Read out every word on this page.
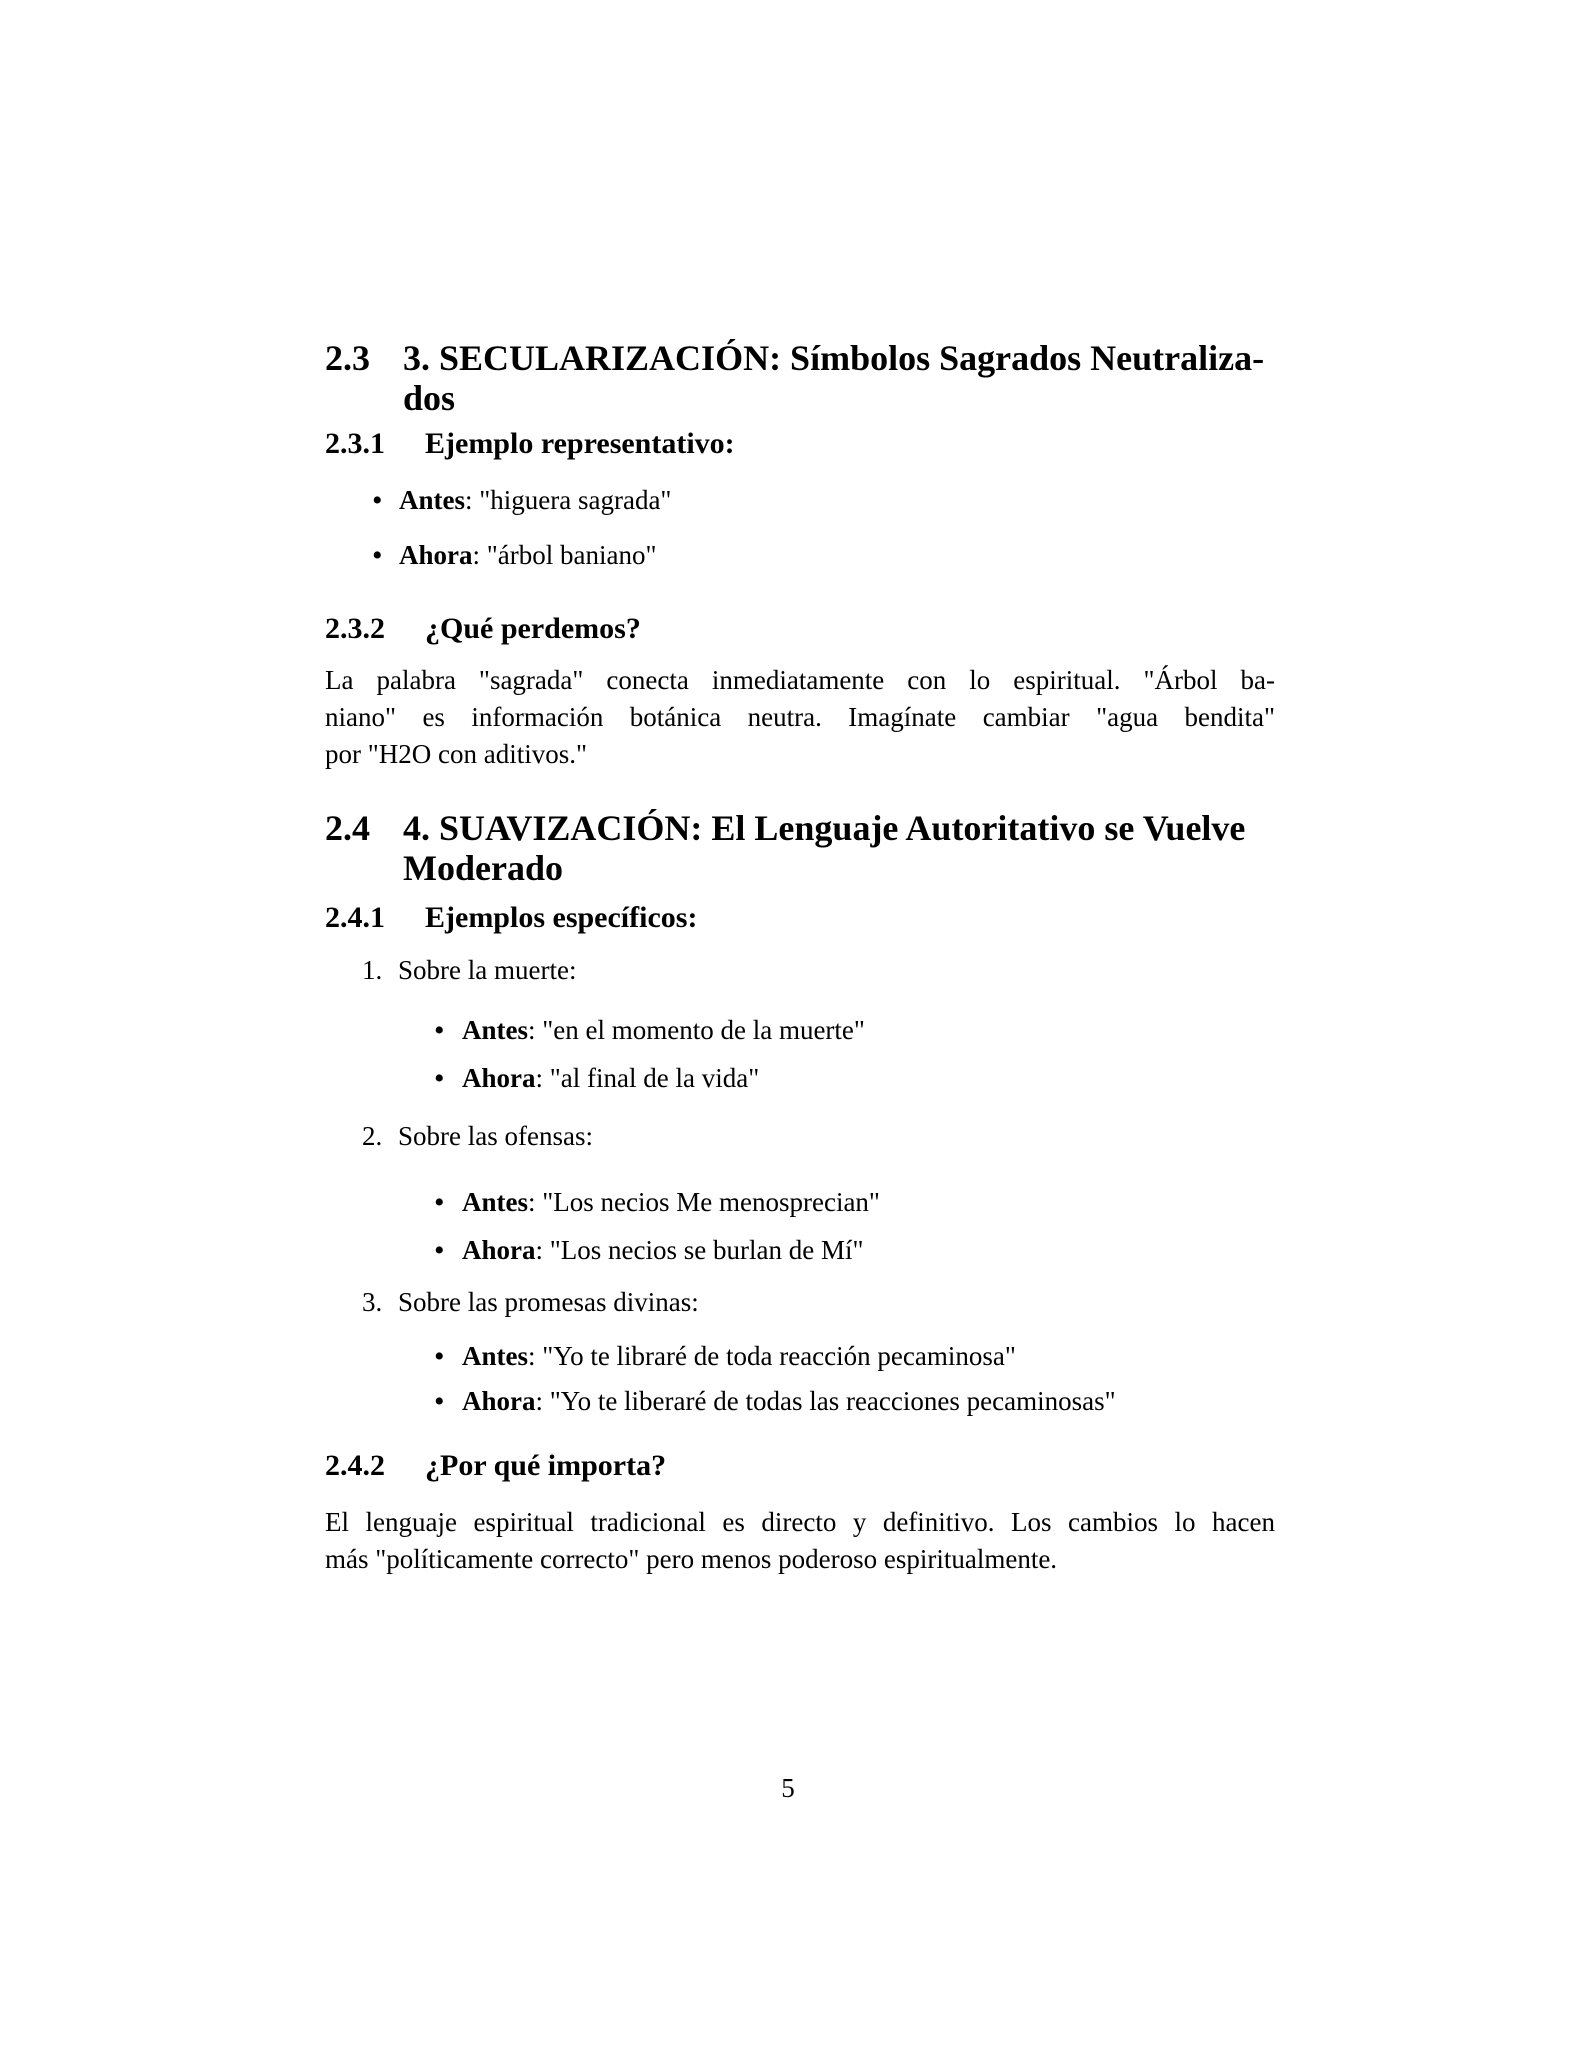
2.3 3. SECULARIZACIÓN: Símbolos Sagrados Neutraliza-
dos
2.3.1 Ejemplo representativo:
• Antes: "higuera sagrada"
• Ahora: "árbol baniano"
2.3.2 ¿Qué perdemos?
La palabra "sagrada" conecta inmediatamente con lo espiritual. "Árbol ba-
niano" es información botánica neutra. Imagínate cambiar "agua bendita"
por "H2O con aditivos."
2.4 4. SUAVIZACIÓN: El Lenguaje Autoritativo se Vuelve
Moderado
2.4.1 Ejemplos específicos:
1. Sobre la muerte:
• Antes: "en el momento de la muerte"
• Ahora: "al final de la vida"
2. Sobre las ofensas:
• Antes: "Los necios Me menosprecian"
• Ahora: "Los necios se burlan de Mí"
3. Sobre las promesas divinas:
• Antes: "Yo te libraré de toda reacción pecaminosa"
• Ahora: "Yo te liberaré de todas las reacciones pecaminosas"
2.4.2 ¿Por qué importa?
El lenguaje espiritual tradicional es directo y definitivo. Los cambios lo hacen
más "políticamente correcto" pero menos poderoso espiritualmente.
5
